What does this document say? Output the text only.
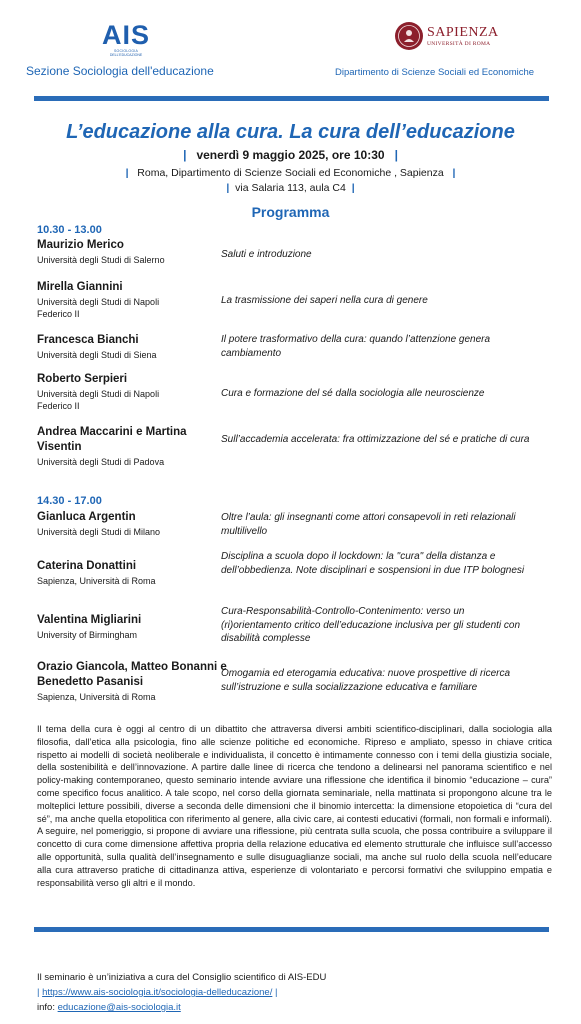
AIS
SOCIOLOGIA
DELL'EDUCAZIONE
Sezione Sociologia dell'educazione
SAPIENZA
UNIVERSITÀ DI ROMA
Dipartimento di Scienze Sociali ed Economiche
L’educazione alla cura. La cura dell’educazione
| venerdì 9 maggio 2025, ore 10:30 |
| Roma, Dipartimento di Scienze Sociali ed Economiche , Sapienza |
| via Salaria 113, aula C4 |
Programma
10.30 - 13.00
Maurizio Merico
Università degli Studi di Salerno	Saluti e introduzione
Mirella Giannini
Università degli Studi di Napoli Federico II
La trasmissione dei saperi nella cura di genere
Francesca Bianchi
Università degli Studi di Siena
Il potere trasformativo della cura: quando l’attenzione genera cambiamento
Roberto Serpieri
Università degli Studi di Napoli Federico II
Cura e formazione del sé dalla sociologia alle neuroscienze
Andrea Maccarini e Martina Visentin
Università degli Studi di Padova
Sull’accademia accelerata: fra ottimizzazione del sé e pratiche di cura
14.30 - 17.00
Gianluca Argentin
Università degli Studi di Milano
Oltre l’aula: gli insegnanti come attori consapevoli in reti relazionali multilivello
Caterina Donattini
Sapienza, Università di Roma
Disciplina a scuola dopo il lockdown: la "cura" della distanza e dell’obbedienza. Note disciplinari e sospensioni in due ITP bolognesi
Valentina Migliarini
University of Birmingham
Cura-Responsabilità-Controllo-Contenimento: verso un (ri)orientamento critico dell’educazione inclusiva per gli studenti con disabilità complesse
Orazio Giancola, Matteo Bonanni e Benedetto Pasanisi
Sapienza, Università di Roma
Omogamia ed eterogamia educativa: nuove prospettive di ricerca sull’istruzione e sulla socializzazione educativa e familiare
Il tema della cura è oggi al centro di un dibattito che attraversa diversi ambiti scientifico-disciplinari, dalla sociologia alla filosofia, dall’etica alla psicologia, fino alle scienze politiche ed economiche. Ripreso e ampliato, spesso in chiave critica rispetto ai modelli di società neoliberale e individualista, il concetto è intimamente connesso con i temi della giustizia sociale, della sostenibilità e dell’innovazione. A partire dalle linee di ricerca che tendono a delinearsi nel panorama scientifico e nel policy-making contemporaneo, questo seminario intende avviare una riflessione che identifica il binomio “educazione – cura” come specifico focus analitico. A tale scopo, nel corso della giornata seminariale, nella mattinata si propongono alcune tra le molteplici letture possibili, diverse a seconda delle dimensioni che il binomio intercetta: la dimensione etopoietica di “cura del sé”, ma anche quella etopolitica con riferimento al genere, alla civic care, ai contesti educativi (formali, non formali e informali). A seguire, nel pomeriggio, si propone di avviare una riflessione, più centrata sulla scuola, che possa contribuire a sviluppare il concetto di cura come dimensione affettiva propria della relazione educativa ed elemento strutturale che influisce sull’accesso alle opportunità, sulla qualità dell’insegnamento e sulle disuguaglianze sociali, ma anche sul ruolo della scuola nell’educare alla cura attraverso pratiche di cittadinanza attiva, esperienze di volontariato e percorsi formativi che sviluppino empatia e responsabilità verso gli altri e il mondo.
Il seminario è un’iniziativa a cura del Consiglio scientifico di AIS-EDU
| https://www.ais-sociologia.it/sociologia-delleducazione/ |
info: educazione@ais-sociologia.it
